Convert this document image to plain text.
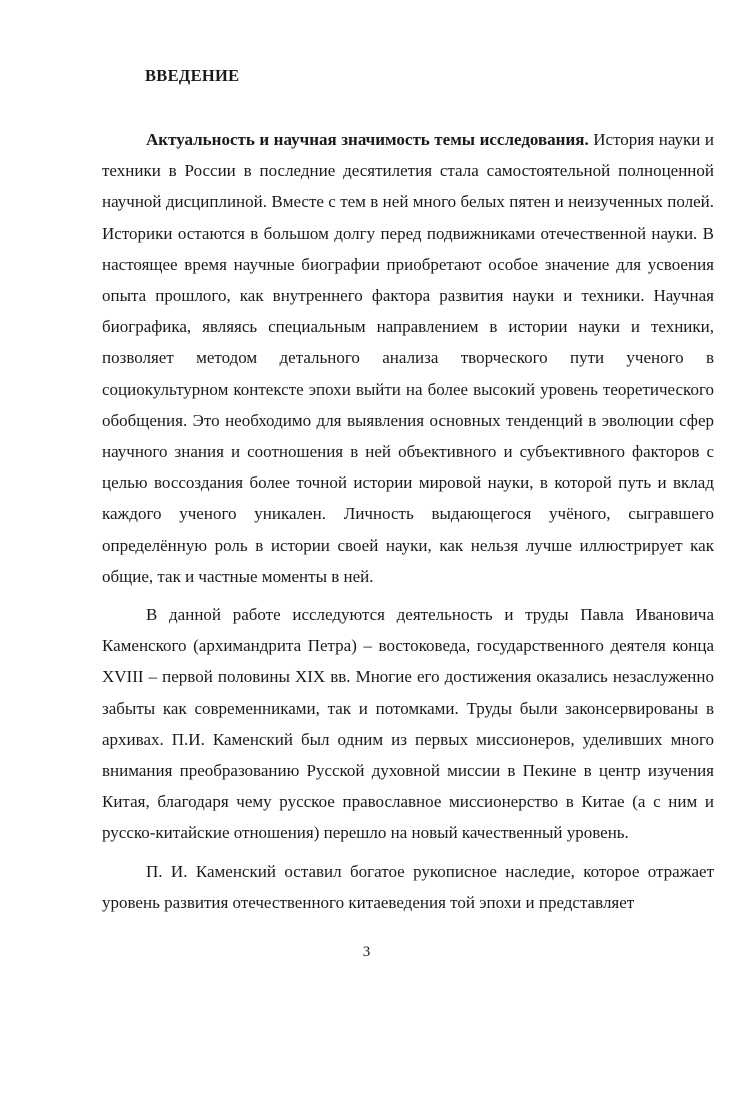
ВВЕДЕНИЕ

Актуальность и научная значимость темы исследования. История науки и техники в России в последние десятилетия стала самостоятельной полноценной научной дисциплиной. Вместе с тем в ней много белых пятен и неизученных полей. Историки остаются в большом долгу перед подвижниками отечественной науки. В настоящее время научные биографии приобретают особое значение для усвоения опыта прошлого, как внутреннего фактора развития науки и техники. Научная биографика, являясь специальным направлением в истории науки и техники, позволяет методом детального анализа творческого пути ученого в социокультурном контексте эпохи выйти на более высокий уровень теоретического обобщения. Это необходимо для выявления основных тенденций в эволюции сфер научного знания и соотношения в ней объективного и субъективного факторов с целью воссоздания более точной истории мировой науки, в которой путь и вклад каждого ученого уникален. Личность выдающегося учёного, сыгравшего определённую роль в истории своей науки, как нельзя лучше иллюстрирует как общие, так и частные моменты в ней.

В данной работе исследуются деятельность и труды Павла Ивановича Каменского (архимандрита Петра) – востоковеда, государственного деятеля конца XVIII – первой половины XIX вв. Многие его достижения оказались незаслуженно забыты как современниками, так и потомками. Труды были законсервированы в архивах. П.И. Каменский был одним из первых миссионеров, уделивших много внимания преобразованию Русской духовной миссии в Пекине в центр изучения Китая, благодаря чему русское православное миссионерство в Китае (а с ним и русско-китайские отношения) перешло на новый качественный уровень.

П. И. Каменский оставил богатое рукописное наследие, которое отражает уровень развития отечественного китаеведения той эпохи и представляет

3
